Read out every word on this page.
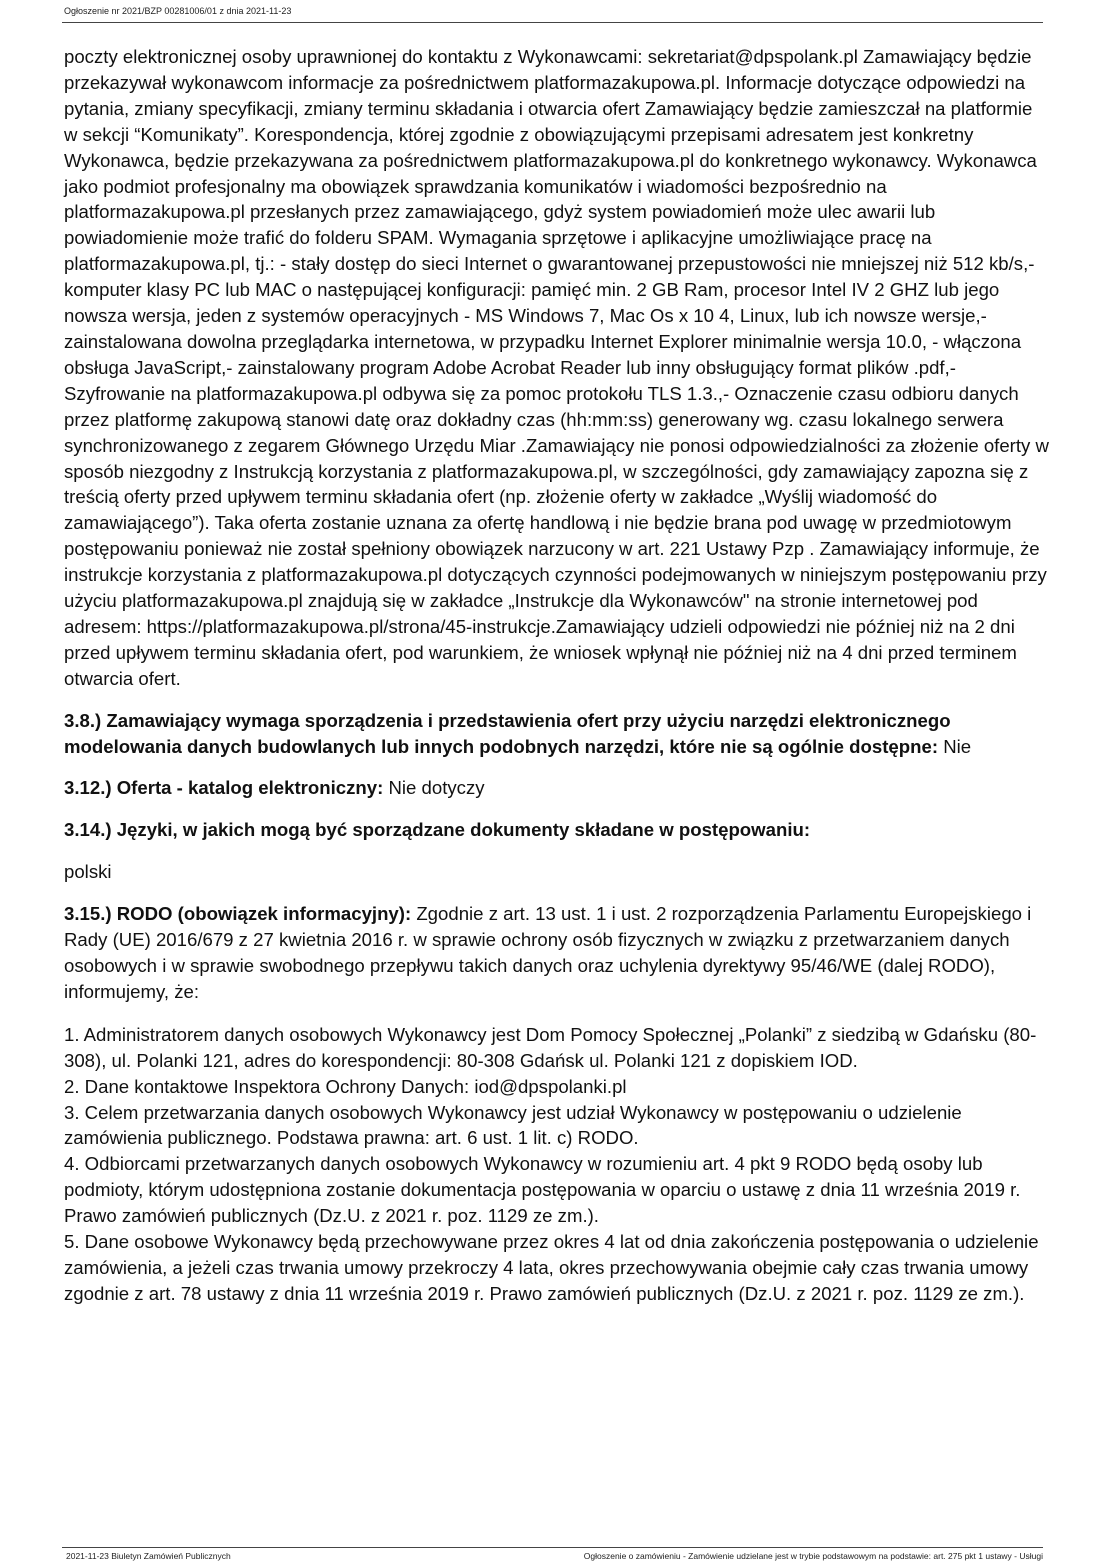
Ogłoszenie nr 2021/BZP 00281006/01 z dnia 2021-11-23

poczty elektronicznej osoby uprawnionej do kontaktu z Wykonawcami: sekretariat@dpspolank.pl Zamawiający będzie przekazywał wykonawcom informacje za pośrednictwem platformazakupowa.pl. Informacje dotyczące odpowiedzi na pytania, zmiany specyfikacji, zmiany terminu składania i otwarcia ofert Zamawiający będzie zamieszczał na platformie w sekcji “Komunikaty”. Korespondencja, której zgodnie z obowiązującymi przepisami adresatem jest konkretny Wykonawca, będzie przekazywana za pośrednictwem platformazakupowa.pl do konkretnego wykonawcy. Wykonawca jako podmiot profesjonalny ma obowiązek sprawdzania komunikatów i wiadomości bezpośrednio na platformazakupowa.pl przesłanych przez zamawiającego, gdyż system powiadomień może ulec awarii lub powiadomienie może trafić do folderu SPAM. Wymagania sprzętowe i aplikacyjne umożliwiające pracę na platformazakupowa.pl, tj.: - stały dostęp do sieci Internet o gwarantowanej przepustowości nie mniejszej niż 512 kb/s,- komputer klasy PC lub MAC o następującej konfiguracji: pamięć min. 2 GB Ram, procesor Intel IV 2 GHZ lub jego nowsza wersja, jeden z systemów operacyjnych - MS Windows 7, Mac Os x 10 4, Linux, lub ich nowsze wersje,- zainstalowana dowolna przeglądarka internetowa, w przypadku Internet Explorer minimalnie wersja 10.0, - włączona obsługa JavaScript,- zainstalowany program Adobe Acrobat Reader lub inny obsługujący format plików .pdf,- Szyfrowanie na platformazakupowa.pl odbywa się za pomoc protokołu TLS 1.3.,- Oznaczenie czasu odbioru danych przez platformę zakupową stanowi datę oraz dokładny czas (hh:mm:ss) generowany wg. czasu lokalnego serwera synchronizowanego z zegarem Głównego Urzędu Miar .Zamawiający nie ponosi odpowiedzialności za złożenie oferty w sposób niezgodny z Instrukcją korzystania z platformazakupowa.pl, w szczególności, gdy zamawiający zapozna się z treścią oferty przed upływem terminu składania ofert (np. złożenie oferty w zakładce „Wyślij wiadomość do zamawiającego”). Taka oferta zostanie uznana za ofertę handlową i nie będzie brana pod uwagę w przedmiotowym postępowaniu ponieważ nie został spełniony obowiązek narzucony w art. 221 Ustawy Pzp . Zamawiający informuje, że instrukcje korzystania z platformazakupowa.pl dotyczących czynności podejmowanych w niniejszym postępowaniu przy użyciu platformazakupowa.pl znajdują się w zakładce „Instrukcje dla Wykonawców" na stronie internetowej pod adresem: https://platformazakupowa.pl/strona/45-instrukcje.Zamawiający udzieli odpowiedzi nie później niż na 2 dni przed upływem terminu składania ofert, pod warunkiem, że wniosek wpłynął nie później niż na 4 dni przed terminem otwarcia ofert.

3.8.) Zamawiający wymaga sporządzenia i przedstawienia ofert przy użyciu narzędzi elektronicznego modelowania danych budowlanych lub innych podobnych narzędzi, które nie są ogólnie dostępne: Nie

3.12.) Oferta - katalog elektroniczny: Nie dotyczy

3.14.) Języki, w jakich mogą być sporządzane dokumenty składane w postępowaniu:

polski

3.15.) RODO (obowiązek informacyjny): Zgodnie z art. 13 ust. 1 i ust. 2 rozporządzenia Parlamentu Europejskiego i Rady (UE) 2016/679 z 27 kwietnia 2016 r. w sprawie ochrony osób fizycznych w związku z przetwarzaniem danych osobowych i w sprawie swobodnego przepływu takich danych oraz uchylenia dyrektywy 95/46/WE (dalej RODO), informujemy, że:

1. Administratorem danych osobowych Wykonawcy jest Dom Pomocy Społecznej „Polanki” z siedzibą w Gdańsku (80-308), ul. Polanki 121, adres do korespondencji: 80-308 Gdańsk ul. Polanki 121 z dopiskiem IOD.

2. Dane kontaktowe Inspektora Ochrony Danych: iod@dpspolanki.pl

3. Celem przetwarzania danych osobowych Wykonawcy jest udział Wykonawcy w postępowaniu o udzielenie zamówienia publicznego. Podstawa prawna: art. 6 ust. 1 lit. c) RODO.

4. Odbiorcami przetwarzanych danych osobowych Wykonawcy w rozumieniu art. 4 pkt 9 RODO będą osoby lub podmioty, którym udostępniona zostanie dokumentacja postępowania w oparciu o ustawę z dnia 11 września 2019 r. Prawo zamówień publicznych (Dz.U. z 2021 r. poz. 1129 ze zm.).

5. Dane osobowe Wykonawcy będą przechowywane przez okres 4 lat od dnia zakończenia postępowania o udzielenie zamówienia, a jeżeli czas trwania umowy przekroczy 4 lata, okres przechowywania obejmie cały czas trwania umowy zgodnie z art. 78 ustawy z dnia 11 września 2019 r. Prawo zamówień publicznych (Dz.U. z 2021 r. poz. 1129 ze zm.).

2021-11-23 Biuletyn Zamówień Publicznych	Ogłoszenie o zamówieniu - Zamówienie udzielane jest w trybie podstawowym na podstawie: art. 275 pkt 1 ustawy - Usługi
